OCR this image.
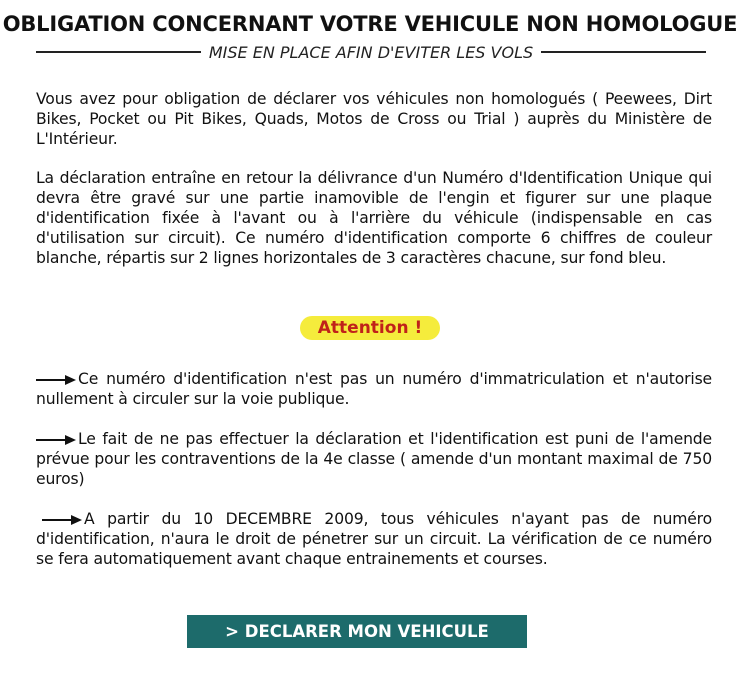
OBLIGATION CONCERNANT VOTRE VEHICULE NON HOMOLOGUE
MISE EN PLACE AFIN D'EVITER LES VOLS

Vous avez pour obligation de déclarer vos véhicules non homologués ( Peewees, Dirt Bikes, Pocket ou Pit Bikes, Quads, Motos de Cross ou Trial ) auprès du Ministère de L'Intérieur.

La déclaration entraîne en retour la délivrance d'un Numéro d'Identification Unique qui devra être gravé sur une partie inamovible de l'engin et figurer sur une plaque d'identification fixée à l'avant ou à l'arrière du véhicule (indispensable en cas d'utilisation sur circuit). Ce numéro d'identification comporte 6 chiffres de couleur blanche, répartis sur 2 lignes horizontales de 3 caractères chacune, sur fond bleu.

Attention !
Ce numéro d'identification n'est pas un numéro d'immatriculation et n'autorise nullement à circuler sur la voie publique.
Le fait de ne pas effectuer la déclaration et l'identification est puni de l'amende prévue pour les contraventions de la 4e classe ( amende d'un montant maximal de 750 euros)
A partir du 10 DECEMBRE 2009, tous véhicules n'ayant pas de numéro d'identification, n'aura le droit de pénetrer sur un circuit. La vérification de ce numéro se fera automatiquement avant chaque entrainements et courses.
> DECLARER MON VEHICULE
